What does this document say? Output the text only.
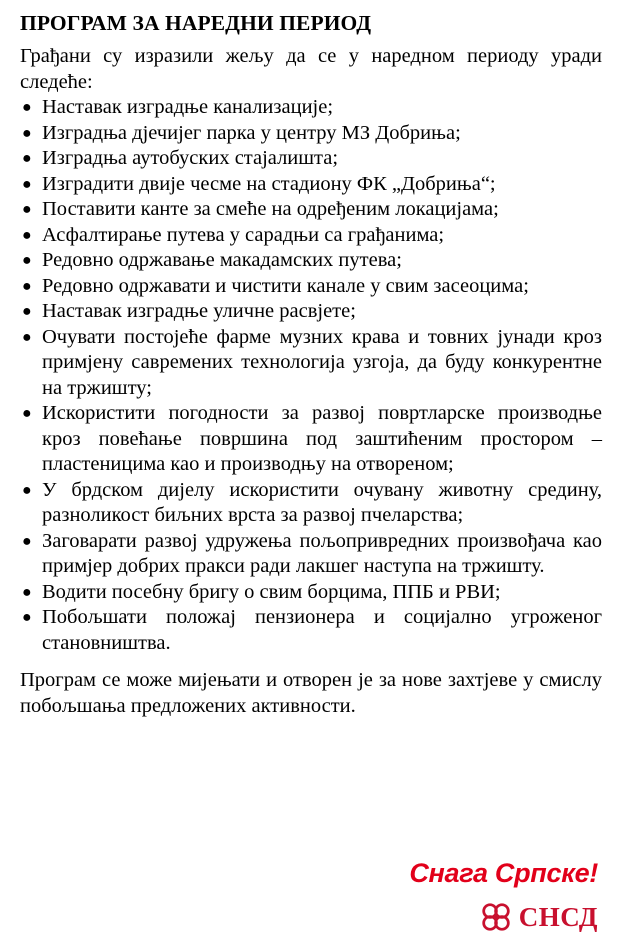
ПРОГРАМ ЗА НАРЕДНИ ПЕРИОД

Грађани су изразили жељу да се у наредном периоду уради следеће:

● Наставак изградње канализације;
● Изградња дјечијег парка у центру МЗ Добриња;
● Изградња аутобуских стајалишта;
● Изградити двије чесме на стадиону ФК „Добриња“;
● Поставити канте за смеће на одређеним локацијама;
● Асфалтирање путева у сарадњи са грађанима;
● Редовно одржавање макадамских путева;
● Редовно одржавати и чистити канале у свим засеоцима;
● Наставак изградње уличне расвјете;
● Очувати постојеће фарме музних крава и товних јунади кроз примјену савремених технологија узгоја, да буду конкурентне на тржишту;
● Искористити погодности за развој повртларске производње кроз повећање површина под заштићеним простором – пластеницима као и производњу на отвореном;
● У брдском дијелу искористити очувану животну средину, разноликост биљних врста за развој пчеларства;
● Заговарати развој удружења пољопривредних произвођача као примјер добрих пракси ради лакшег наступа на тржишту.
● Водити посебну бригу о свим борцима, ППБ и РВИ;
● Побољшати положај пензионера и социјално угроженог становништва.

Програм се може мијењати и отворен је за нове захтјеве у смислу побољшања предложених активности.

Снага Српске!
СНСД
